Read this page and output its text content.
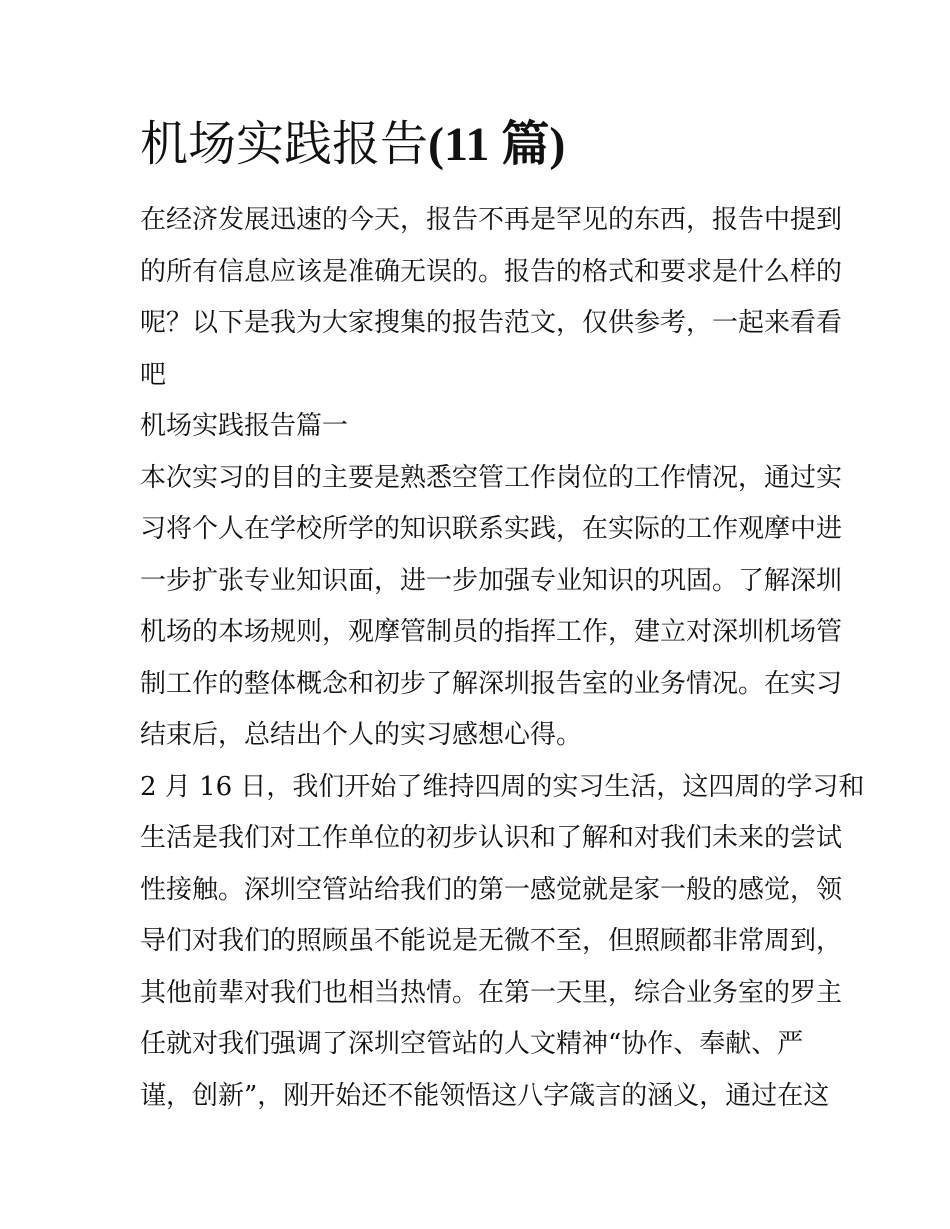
机场实践报告(11 篇)
在经济发展迅速的今天，报告不再是罕见的东西，报告中提到
的所有信息应该是准确无误的。报告的格式和要求是什么样的
呢？以下是我为大家搜集的报告范文，仅供参考，一起来看看
吧
机场实践报告篇一
本次实习的目的主要是熟悉空管工作岗位的工作情况，通过实
习将个人在学校所学的知识联系实践，在实际的工作观摩中进
一步扩张专业知识面，进一步加强专业知识的巩固。了解深圳
机场的本场规则，观摩管制员的指挥工作，建立对深圳机场管
制工作的整体概念和初步了解深圳报告室的业务情况。在实习
结束后，总结出个人的实习感想心得。
2 月 16 日，我们开始了维持四周的实习生活，这四周的学习和
生活是我们对工作单位的初步认识和了解和对我们未来的尝试
性接触。深圳空管站给我们的第一感觉就是家一般的感觉，领
导们对我们的照顾虽不能说是无微不至，但照顾都非常周到，
其他前辈对我们也相当热情。在第一天里，综合业务室的罗主
任就对我们强调了深圳空管站的人文精神“协作、奉献、严
谨，创新”，刚开始还不能领悟这八字箴言的涵义，通过在这
